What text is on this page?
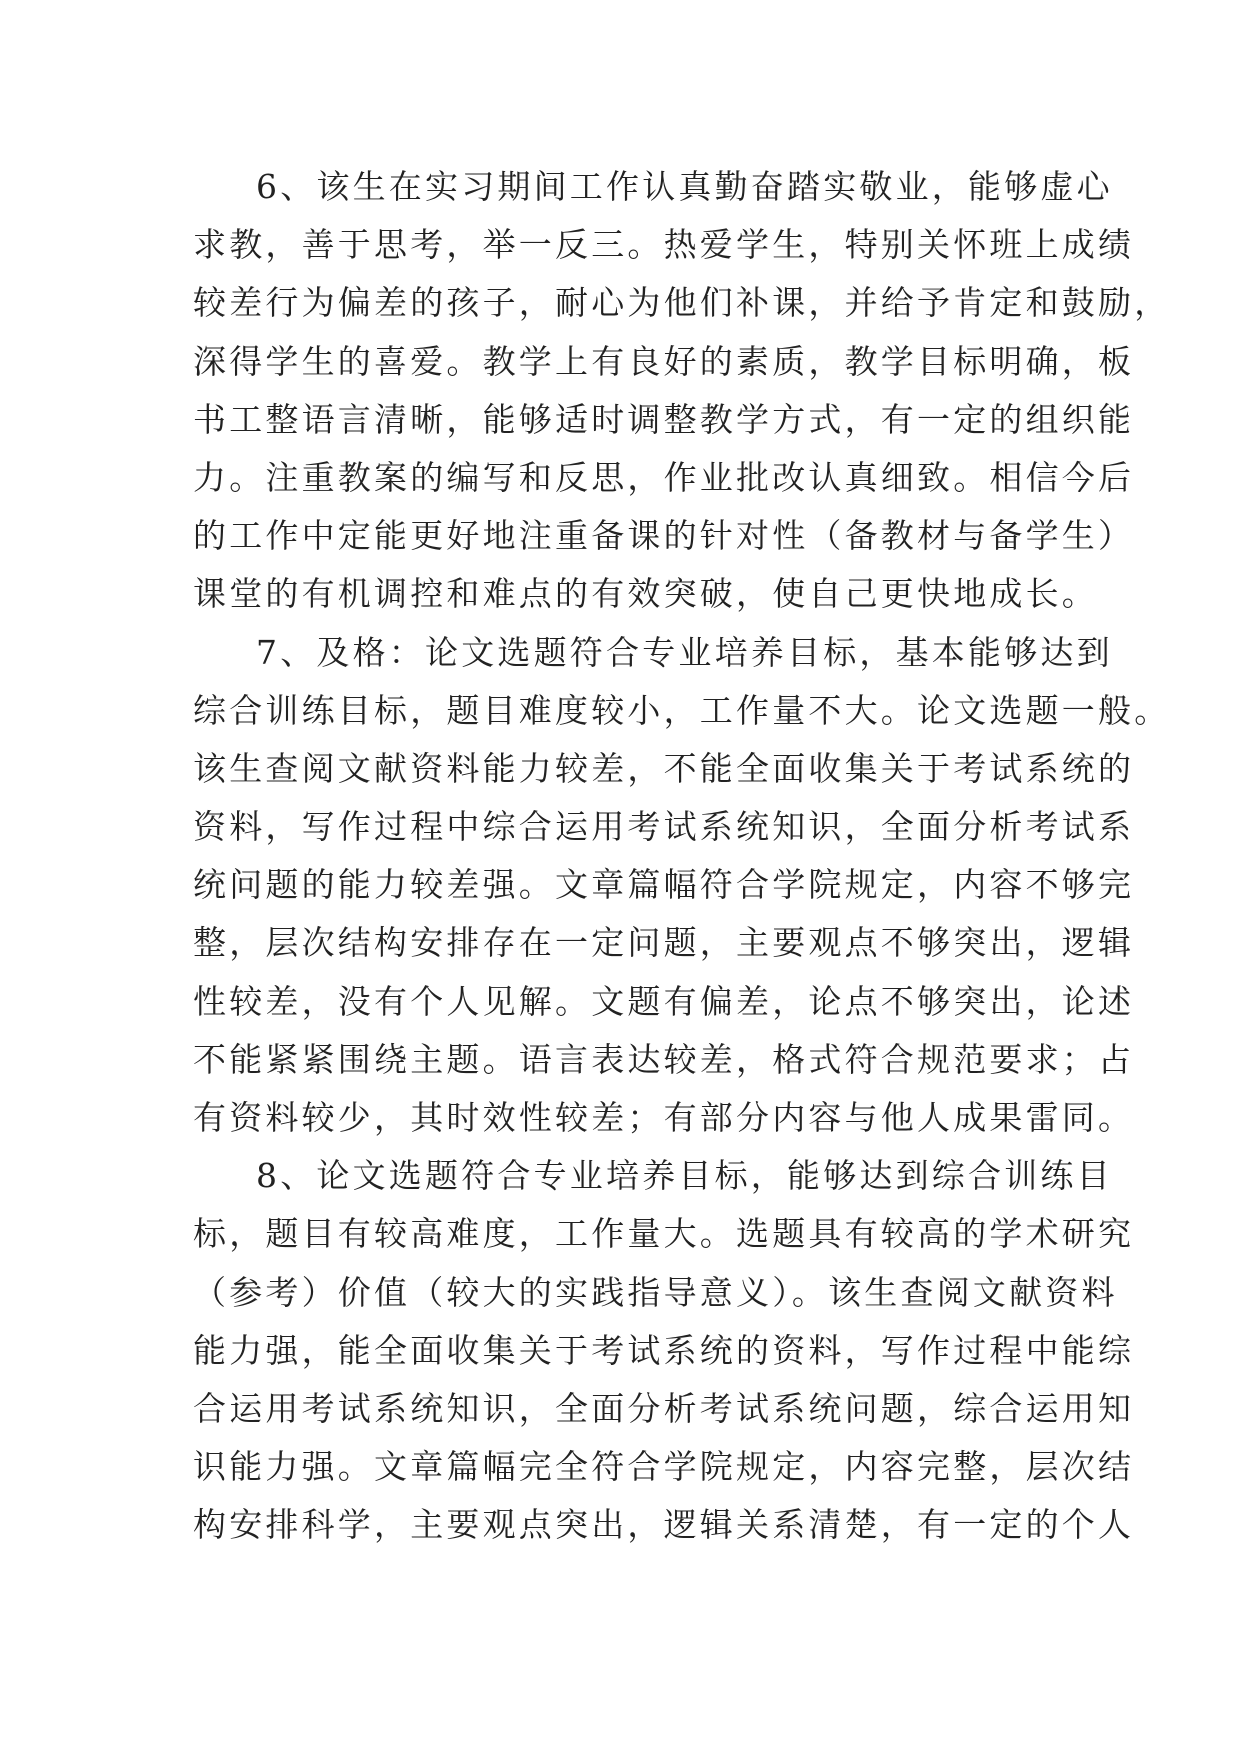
6、该生在实习期间工作认真勤奋踏实敬业，能够虚心
求教，善于思考，举一反三。热爱学生，特别关怀班上成绩
较差行为偏差的孩子，耐心为他们补课，并给予肯定和鼓励，
深得学生的喜爱。教学上有良好的素质，教学目标明确，板
书工整语言清晰，能够适时调整教学方式，有一定的组织能
力。注重教案的编写和反思，作业批改认真细致。相信今后
的工作中定能更好地注重备课的针对性（备教材与备学生）
课堂的有机调控和难点的有效突破，使自己更快地成长。
7、及格：论文选题符合专业培养目标，基本能够达到
综合训练目标，题目难度较小，工作量不大。论文选题一般。
该生查阅文献资料能力较差，不能全面收集关于考试系统的
资料，写作过程中综合运用考试系统知识，全面分析考试系
统问题的能力较差强。文章篇幅符合学院规定，内容不够完
整，层次结构安排存在一定问题，主要观点不够突出，逻辑
性较差，没有个人见解。文题有偏差，论点不够突出，论述
不能紧紧围绕主题。语言表达较差，格式符合规范要求；占
有资料较少，其时效性较差；有部分内容与他人成果雷同。
8、论文选题符合专业培养目标，能够达到综合训练目
标，题目有较高难度，工作量大。选题具有较高的学术研究
（参考）价值（较大的实践指导意义）。该生查阅文献资料
能力强，能全面收集关于考试系统的资料，写作过程中能综
合运用考试系统知识，全面分析考试系统问题，综合运用知
识能力强。文章篇幅完全符合学院规定，内容完整，层次结
构安排科学，主要观点突出，逻辑关系清楚，有一定的个人
